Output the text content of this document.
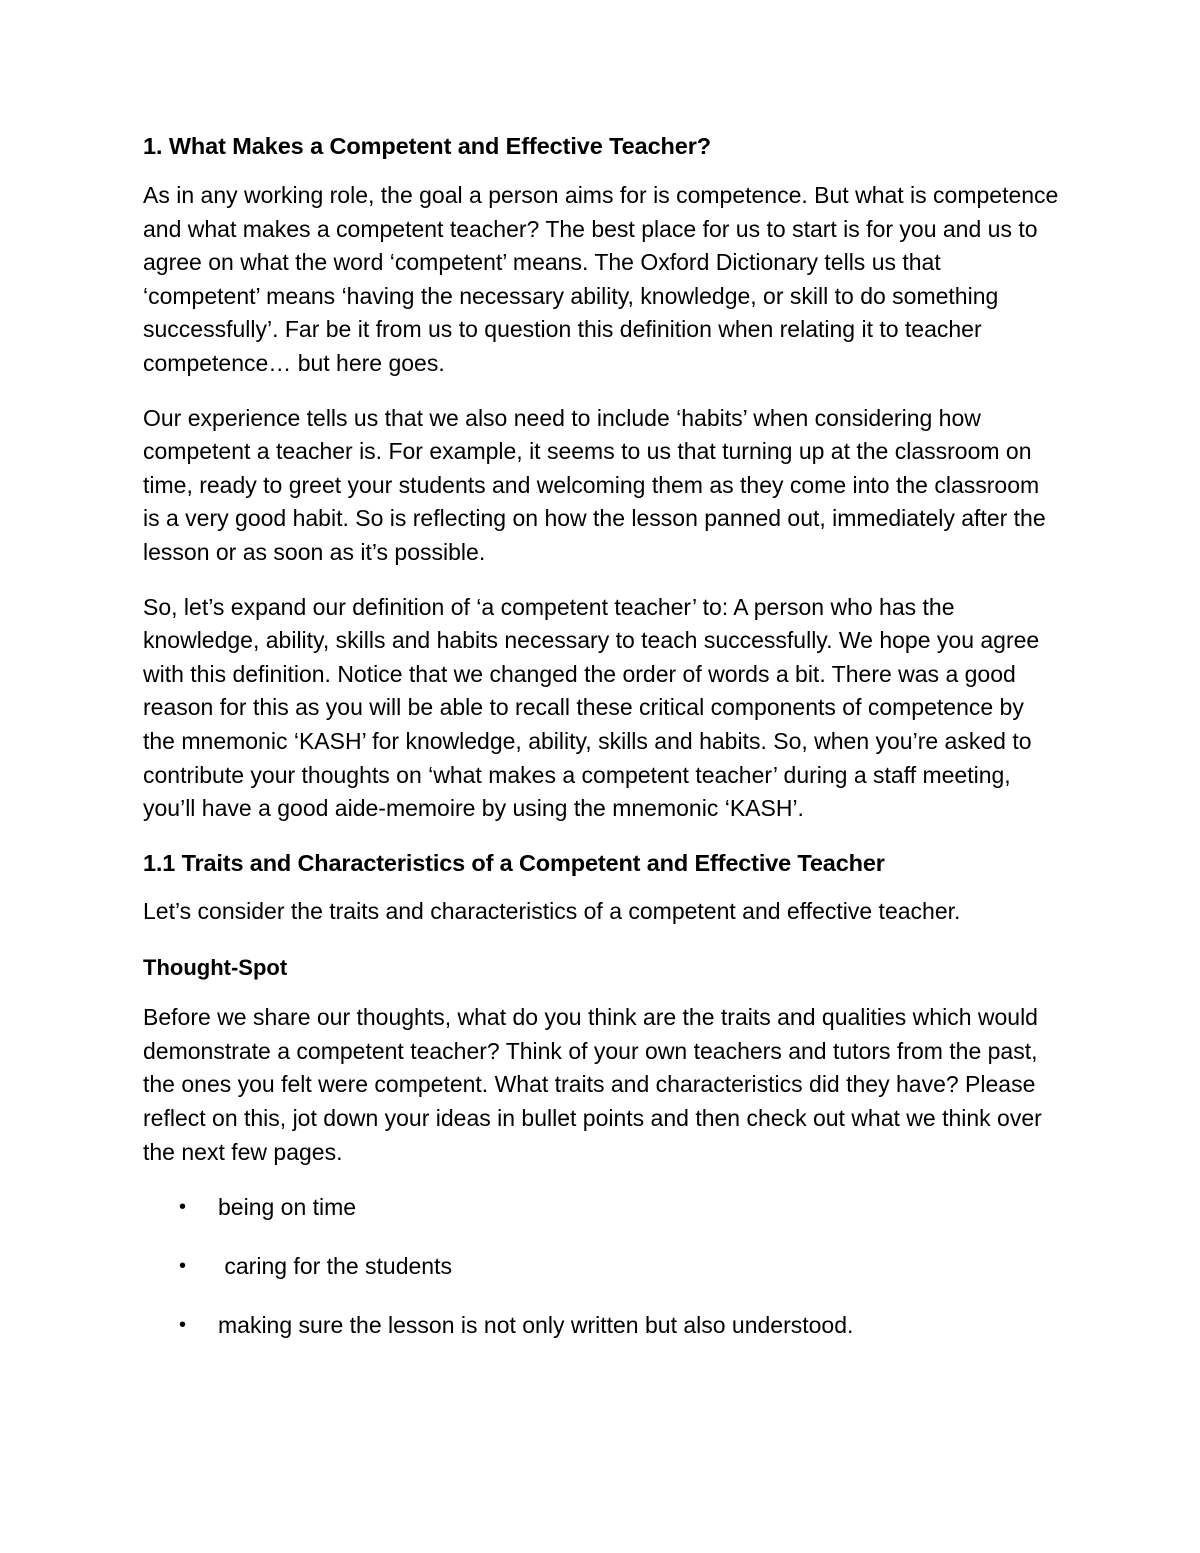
1. What Makes a Competent and Effective Teacher?

As in any working role, the goal a person aims for is competence. But what is competence and what makes a competent teacher? The best place for us to start is for you and us to agree on what the word ‘competent’ means. The Oxford Dictionary tells us that ‘competent’ means ‘having the necessary ability, knowledge, or skill to do something successfully’. Far be it from us to question this definition when relating it to teacher competence… but here goes.

Our experience tells us that we also need to include ‘habits’ when considering how competent a teacher is. For example, it seems to us that turning up at the classroom on time, ready to greet your students and welcoming them as they come into the classroom is a very good habit. So is reflecting on how the lesson panned out, immediately after the lesson or as soon as it’s possible.

So, let’s expand our definition of ‘a competent teacher’ to: A person who has the knowledge, ability, skills and habits necessary to teach successfully. We hope you agree with this definition. Notice that we changed the order of words a bit. There was a good reason for this as you will be able to recall these critical components of competence by the mnemonic ‘KASH’ for knowledge, ability, skills and habits. So, when you’re asked to contribute your thoughts on ‘what makes a competent teacher’ during a staff meeting, you’ll have a good aide-memoire by using the mnemonic ‘KASH’.

1.1 Traits and Characteristics of a Competent and Effective Teacher

Let’s consider the traits and characteristics of a competent and effective teacher.

Thought-Spot

Before we share our thoughts, what do you think are the traits and qualities which would demonstrate a competent teacher? Think of your own teachers and tutors from the past, the ones you felt were competent. What traits and characteristics did they have? Please reflect on this, jot down your ideas in bullet points and then check out what we think over the next few pages.

• being on time
• caring for the students
• making sure the lesson is not only written but also understood.
